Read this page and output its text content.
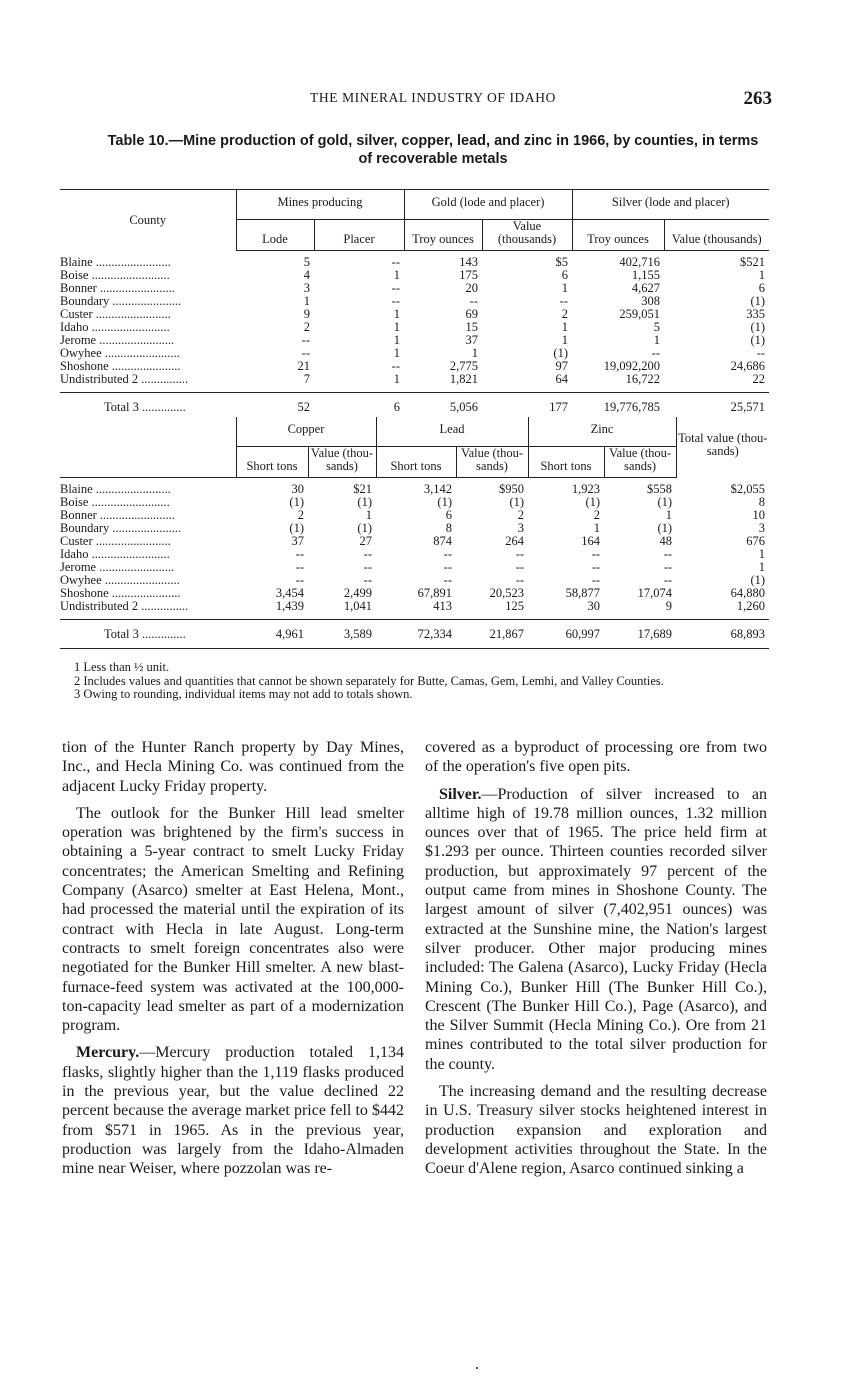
THE MINERAL INDUSTRY OF IDAHO	263
Table 10.—Mine production of gold, silver, copper, lead, and zinc in 1966, by counties, in terms of recoverable metals
County	Mines producing		Gold (lode and placer)		Silver (lode and placer)	
	Lode	Placer	Troy ounces	Value (thousands)	Troy ounces	Value (thousands)
Blaine ........................	5	--	143	$5	402,716	$521
Boise .........................	4	1	175	6	1,155	1
Bonner ........................	3	--	20	1	4,627	6
Boundary ......................	1	--	--	--	308	(1)
Custer ........................	9	1	69	2	259,051	335
Idaho .........................	2	1	15	1	5	(1)
Jerome ........................	--	1	37	1	1	(1)
Owyhee ........................	--	1	1	(1)	--	--
Shoshone ......................	21	--	2,775	97	19,092,200	24,686
Undistributed 2 ...............	7	1	1,821	64	16,722	22
Total 3 ..............	52	6	5,056	177	19,776,785	25,571
	Copper		Lead		Zinc		Total value (thou-sands)
	Short tons	Value (thou-sands)	Short tons	Value (thou-sands)	Short tons	Value (thou-sands)	
Blaine ........................	30	$21	3,142	$950	1,923	$558	$2,055
Boise .........................	(1)	(1)	(1)	(1)	(1)	(1)	8
Bonner ........................	2	1	6	2	2	1	10
Boundary ......................	(1)	(1)	8	3	1	(1)	3
Custer ........................	37	27	874	264	164	48	676
Idaho .........................	--	--	--	--	--	--	1
Jerome ........................	--	--	--	--	--	--	1
Owyhee ........................	--	--	--	--	--	--	(1)
Shoshone ......................	3,454	2,499	67,891	20,523	58,877	17,074	64,880
Undistributed 2 ...............	1,439	1,041	413	125	30	9	1,260
Total 3 ..............	4,961	3,589	72,334	21,867	60,997	17,689	68,893

1 Less than ½ unit.

2 Includes values and quantities that cannot be shown separately for Butte, Camas, Gem, Lemhi, and Valley Counties.

3 Owing to rounding, individual items may not add to totals shown.

tion of the Hunter Ranch property by Day Mines, Inc., and Hecla Mining Co. was continued from the adjacent Lucky Friday property.

The outlook for the Bunker Hill lead smelter operation was brightened by the firm's success in obtaining a 5-year contract to smelt Lucky Friday concentrates; the American Smelting and Refining Company (Asarco) smelter at East Helena, Mont., had processed the material until the expiration of its contract with Hecla in late August. Long-term contracts to smelt foreign concentrates also were negotiated for the Bunker Hill smelter. A new blast-furnace-feed system was activated at the 100,000-ton-capacity lead smelter as part of a modernization program.

Mercury.—Mercury production totaled 1,134 flasks, slightly higher than the 1,119 flasks produced in the previous year, but the value declined 22 percent because the average market price fell to $442 from $571 in 1965. As in the previous year, production was largely from the Idaho-Almaden mine near Weiser, where pozzolan was re-

covered as a byproduct of processing ore from two of the operation's five open pits.

Silver.—Production of silver increased to an alltime high of 19.78 million ounces, 1.32 million ounces over that of 1965. The price held firm at $1.293 per ounce. Thirteen counties recorded silver production, but approximately 97 percent of the output came from mines in Shoshone County. The largest amount of silver (7,402,951 ounces) was extracted at the Sunshine mine, the Nation's largest silver producer. Other major producing mines included: The Galena (Asarco), Lucky Friday (Hecla Mining Co.), Bunker Hill (The Bunker Hill Co.), Crescent (The Bunker Hill Co.), Page (Asarco), and the Silver Summit (Hecla Mining Co.). Ore from 21 mines contributed to the total silver production for the county.

The increasing demand and the resulting decrease in U.S. Treasury silver stocks heightened interest in production expansion and exploration and development activities throughout the State. In the Coeur d'Alene region, Asarco continued sinking a
